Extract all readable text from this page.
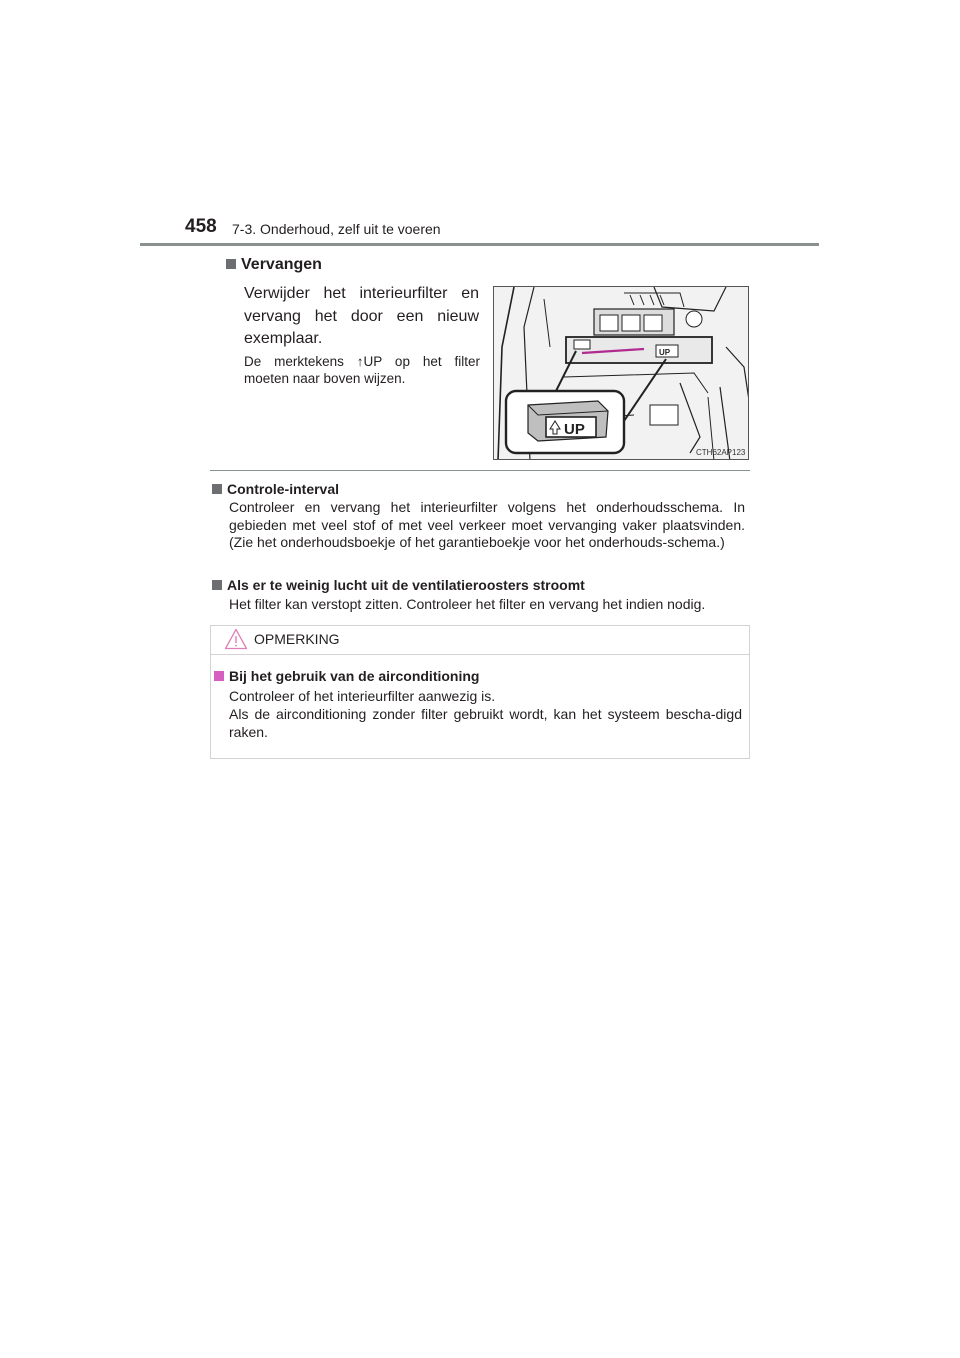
458 7-3. Onderhoud, zelf uit te voeren
Vervangen
Verwijder het interieurfilter en vervang het door een nieuw exemplaar.
De merktekens ↑UP op het filter moeten naar boven wijzen.
UP
UP
CTH62AP123
Controle-interval
Controleer en vervang het interieurfilter volgens het onderhoudsschema. In gebieden met veel stof of met veel verkeer moet vervanging vaker plaatsvinden. (Zie het onderhoudsboekje of het garantieboekje voor het onderhouds-schema.)
Als er te weinig lucht uit de ventilatieroosters stroomt
Het filter kan verstopt zitten. Controleer het filter en vervang het indien nodig.
OPMERKING
Bij het gebruik van de airconditioning
Controleer of het interieurfilter aanwezig is.
Als de airconditioning zonder filter gebruikt wordt, kan het systeem bescha-digd raken.
